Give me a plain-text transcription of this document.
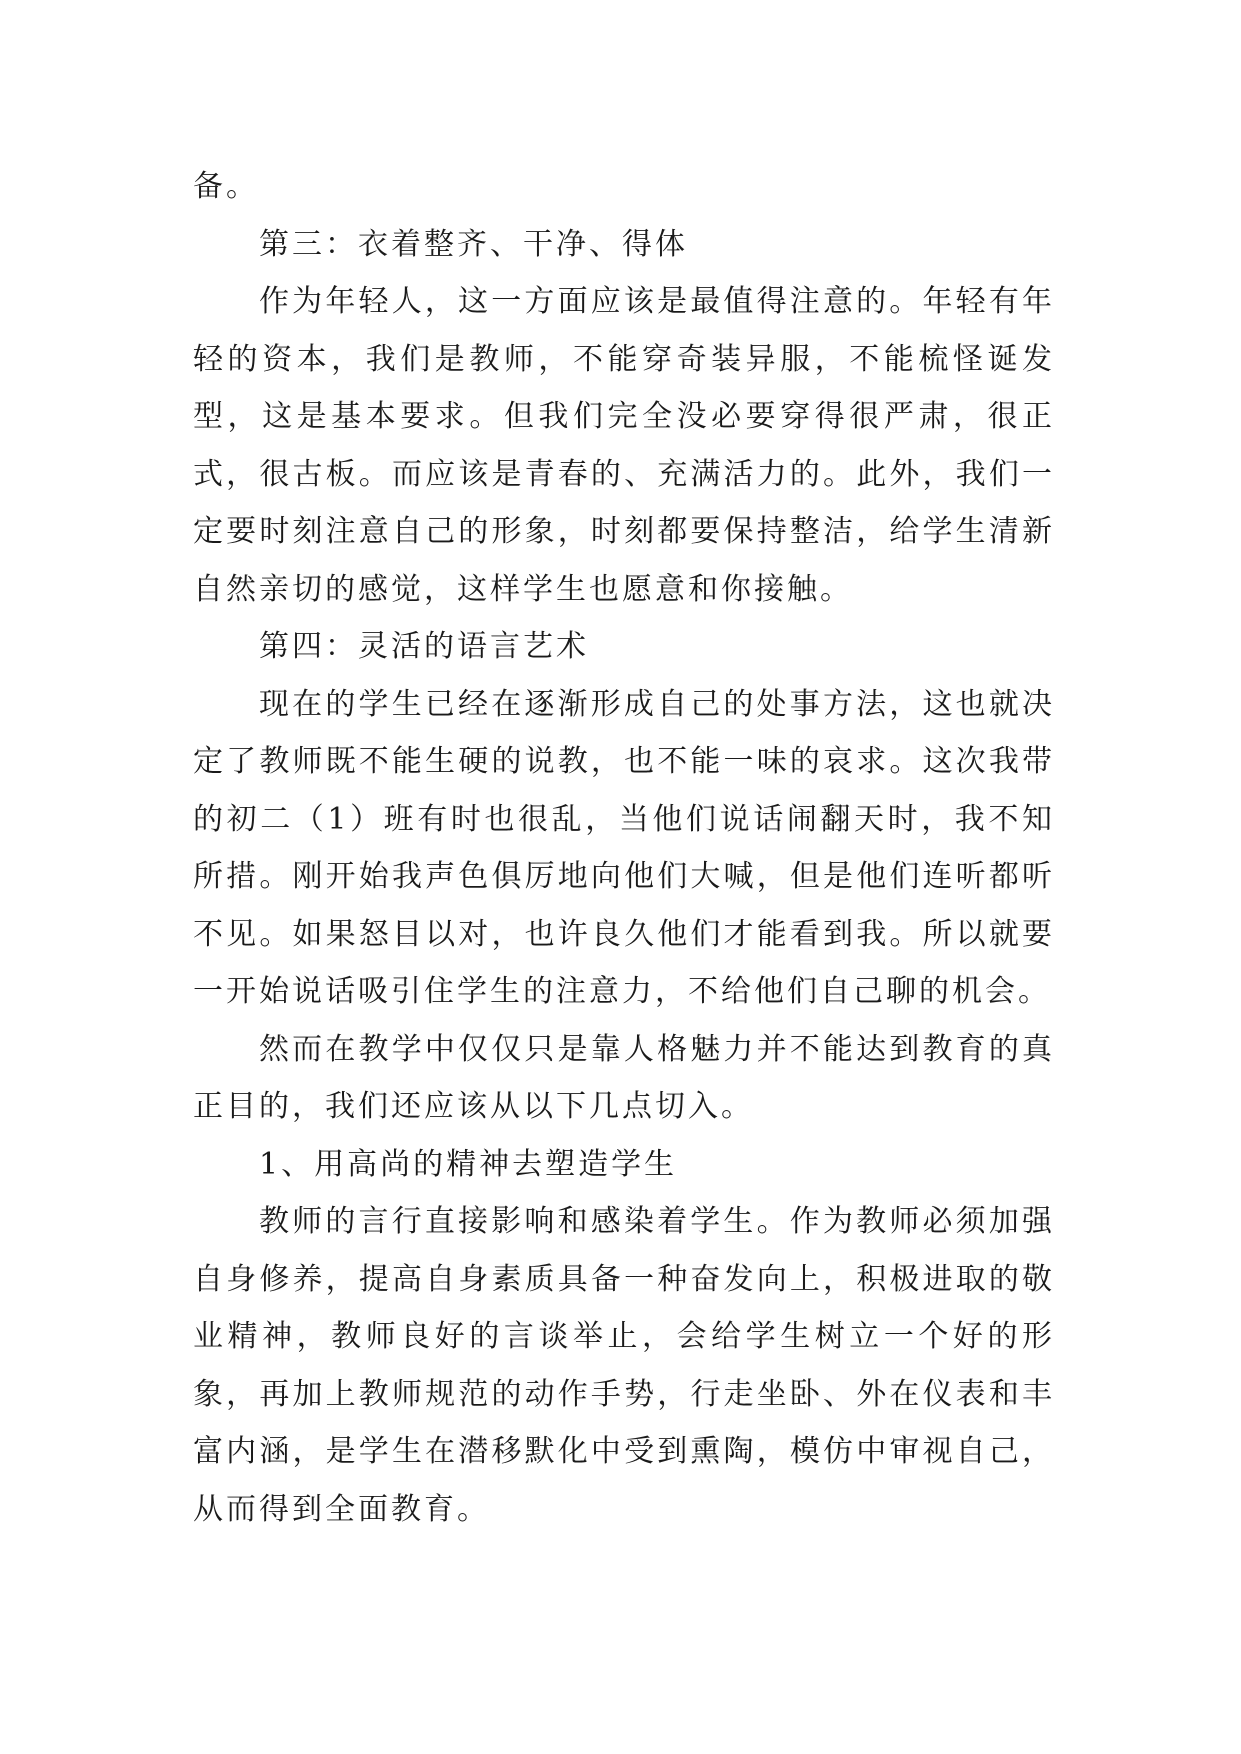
备。

第三：衣着整齐、干净、得体

作为年轻人，这一方面应该是最值得注意的。年轻有年轻的资本，我们是教师，不能穿奇装异服，不能梳怪诞发型，这是基本要求。但我们完全没必要穿得很严肃，很正式，很古板。而应该是青春的、充满活力的。此外，我们一定要时刻注意自己的形象，时刻都要保持整洁，给学生清新自然亲切的感觉，这样学生也愿意和你接触。

第四：灵活的语言艺术

现在的学生已经在逐渐形成自己的处事方法，这也就决定了教师既不能生硬的说教，也不能一味的哀求。这次我带的初二（1）班有时也很乱，当他们说话闹翻天时，我不知所措。刚开始我声色俱厉地向他们大喊，但是他们连听都听不见。如果怒目以对，也许良久他们才能看到我。所以就要一开始说话吸引住学生的注意力，不给他们自己聊的机会。

然而在教学中仅仅只是靠人格魅力并不能达到教育的真正目的，我们还应该从以下几点切入。

1、用高尚的精神去塑造学生

教师的言行直接影响和感染着学生。作为教师必须加强自身修养，提高自身素质具备一种奋发向上，积极进取的敬业精神，教师良好的言谈举止，会给学生树立一个好的形象，再加上教师规范的动作手势，行走坐卧、外在仪表和丰富内涵，是学生在潜移默化中受到熏陶，模仿中审视自己，从而得到全面教育。
